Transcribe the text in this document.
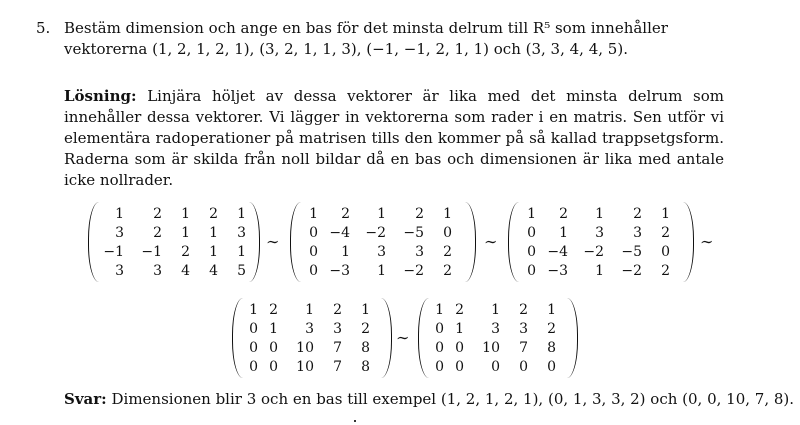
5. Bestäm dimension och ange en bas för det minsta delrum till R⁵ som innehåller vektorerna (1, 2, 1, 2, 1), (3, 2, 1, 1, 3), (−1, −1, 2, 1, 1) och (3, 3, 4, 4, 5).
Lösning: Linjära höljet av dessa vektorer är lika med det minsta delrum som innehåller dessa vektorer. Vi lägger in vektorerna som rader i en matris. Sen utför vi elementära radoperationer på matrisen tills den kommer på så kallad trappsetgsform. Raderna som är skilda från noll bildar då en bas och dimensionen är lika med antale icke nollrader.
1	2	1	2	1
3	2	1	1	3
−1	−1	2	1	1
3	3	4	4	5
∼
1	2	1	2	1
0 −4	−2	−5	0
0	1	3	3	2
0 −3	1	−2	2
∼
1	2	1	2	1
0	1	3	3	2
0 −4	−2	−5	0
0 −3	1	−2	2
∼
1 2	1	2	1
0 1	3	3	2
0 0	10	7	8
0 0	10	7	8
∼
1 2	1	2	1
0 1	3	3	2
0 0	10	7	8
0 0	0	0	0
Svar: Dimensionen blir 3 och en bas till exempel (1, 2, 1, 2, 1), (0, 1, 3, 3, 2) och (0, 0, 10, 7, 8).
